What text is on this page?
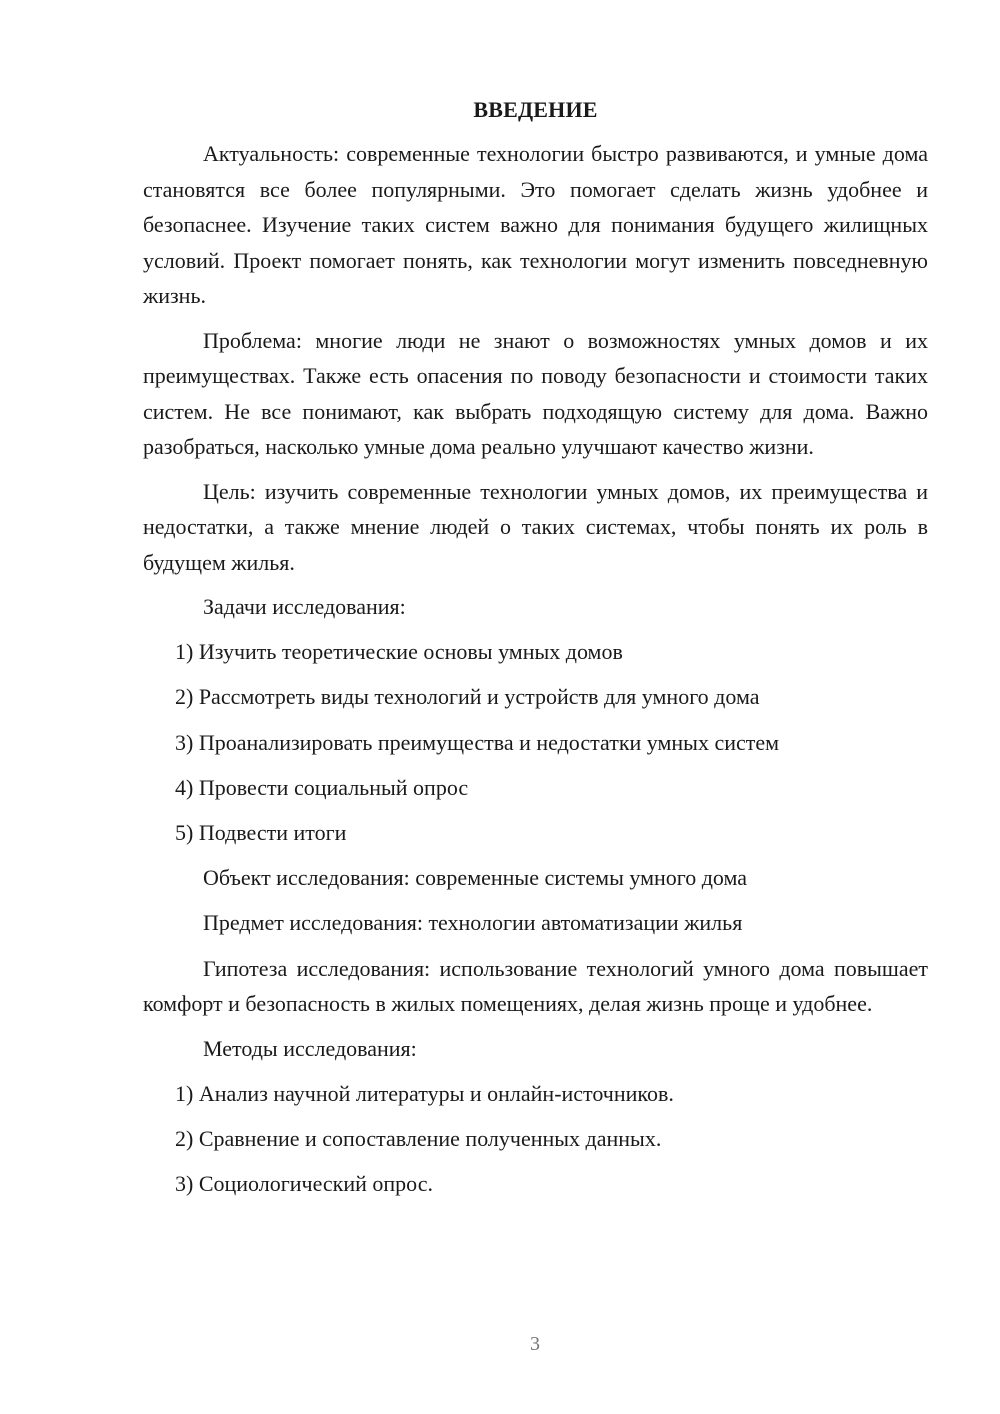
ВВЕДЕНИЕ

Актуальность: современные технологии быстро развиваются, и умные дома становятся все более популярными. Это помогает сделать жизнь удобнее и безопаснее. Изучение таких систем важно для понимания будущего жилищных условий. Проект помогает понять, как технологии могут изменить повседневную жизнь.

Проблема: многие люди не знают о возможностях умных домов и их преимуществах. Также есть опасения по поводу безопасности и стоимости таких систем. Не все понимают, как выбрать подходящую систему для дома. Важно разобраться, насколько умные дома реально улучшают качество жизни.

Цель: изучить современные технологии умных домов, их преимущества и недостатки, а также мнение людей о таких системах, чтобы понять их роль в будущем жилья.

Задачи исследования:
1) Изучить теоретические основы умных домов
2) Рассмотреть виды технологий и устройств для умного дома
3) Проанализировать преимущества и недостатки умных систем
4) Провести социальный опрос
5) Подвести итоги
Объект исследования: современные системы умного дома
Предмет исследования: технологии автоматизации жилья

Гипотеза исследования: использование технологий умного дома повышает комфорт и безопасность в жилых помещениях, делая жизнь проще и удобнее.

Методы исследования:
1) Анализ научной литературы и онлайн-источников.
2) Сравнение и сопоставление полученных данных.
3) Социологический опрос.
3
